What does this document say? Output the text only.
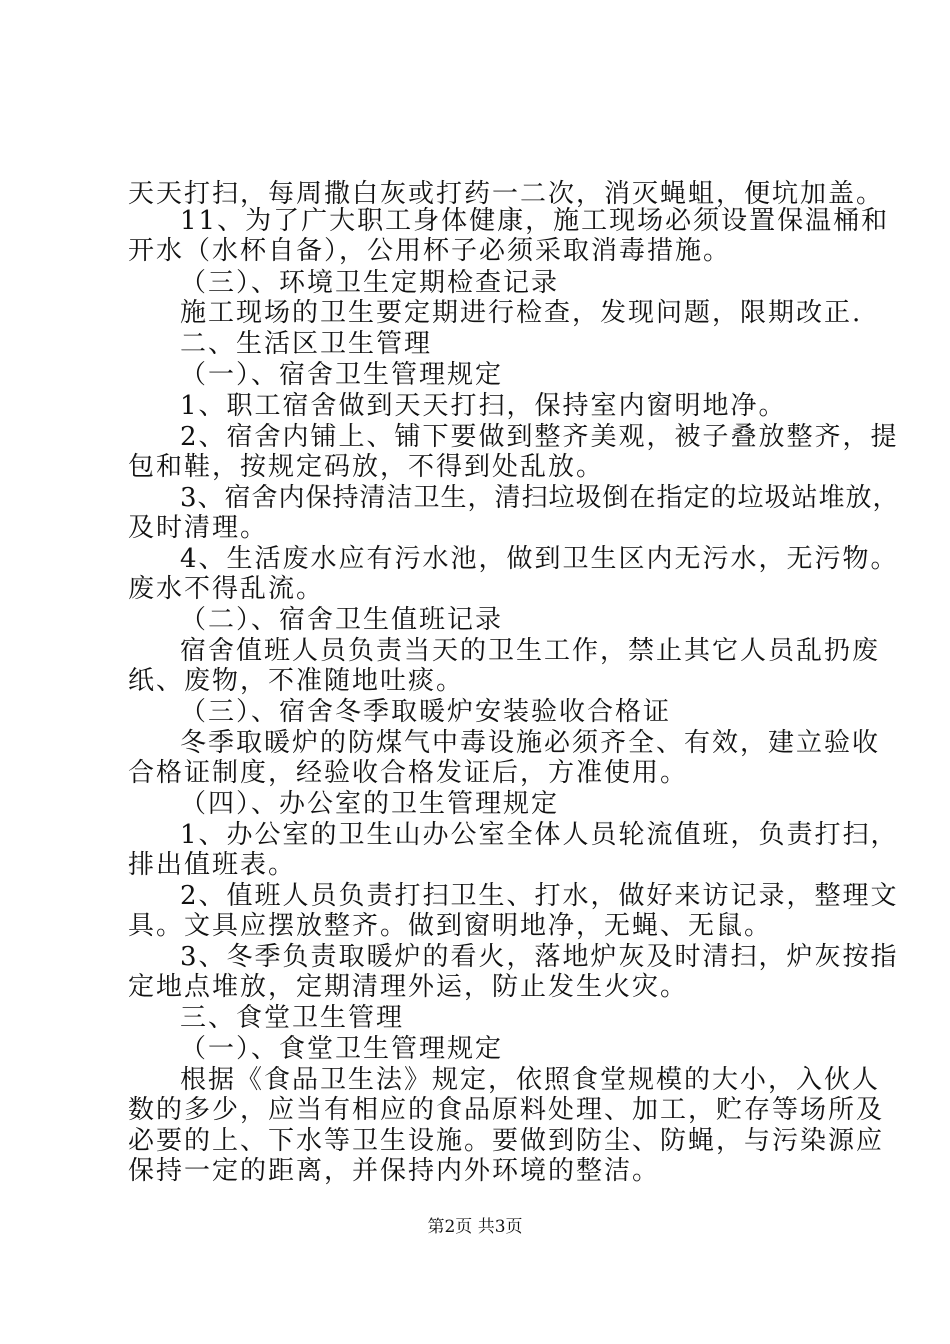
天天打扫，每周撒白灰或打药一二次，消灭蝇蛆，便坑加盖。
11、为了广大职工身体健康，施工现场必须设置保温桶和
开水（水杯自备），公用杯子必须采取消毒措施。
（三）、环境卫生定期检查记录
施工现场的卫生要定期进行检查，发现问题，限期改正.
二、生活区卫生管理
（一）、宿舍卫生管理规定
1、职工宿舍做到天天打扫，保持室内窗明地净。
2、宿舍内铺上、铺下要做到整齐美观，被子叠放整齐，提
包和鞋，按规定码放，不得到处乱放。
3、宿舍内保持清洁卫生，清扫垃圾倒在指定的垃圾站堆放，
及时清理。
4、生活废水应有污水池，做到卫生区内无污水，无污物。
废水不得乱流。
（二）、宿舍卫生值班记录
宿舍值班人员负责当天的卫生工作，禁止其它人员乱扔废
纸、废物，不准随地吐痰。
（三）、宿舍冬季取暖炉安装验收合格证
冬季取暖炉的防煤气中毒设施必须齐全、有效，建立验收
合格证制度，经验收合格发证后，方准使用。
（四）、办公室的卫生管理规定
1、办公室的卫生山办公室全体人员轮流值班，负责打扫，
排出值班表。
2、值班人员负责打扫卫生、打水，做好来访记录，整理文
具。文具应摆放整齐。做到窗明地净，无蝇、无鼠。
3、冬季负责取暖炉的看火，落地炉灰及时清扫，炉灰按指
定地点堆放，定期清理外运，防止发生火灾。
三、食堂卫生管理
（一）、食堂卫生管理规定
根据《食品卫生法》规定，依照食堂规模的大小，入伙人
数的多少，应当有相应的食品原料处理、加工，贮存等场所及
必要的上、下水等卫生设施。要做到防尘、防蝇，与污染源应
保持一定的距离，并保持内外环境的整洁。
第2页 共3页
